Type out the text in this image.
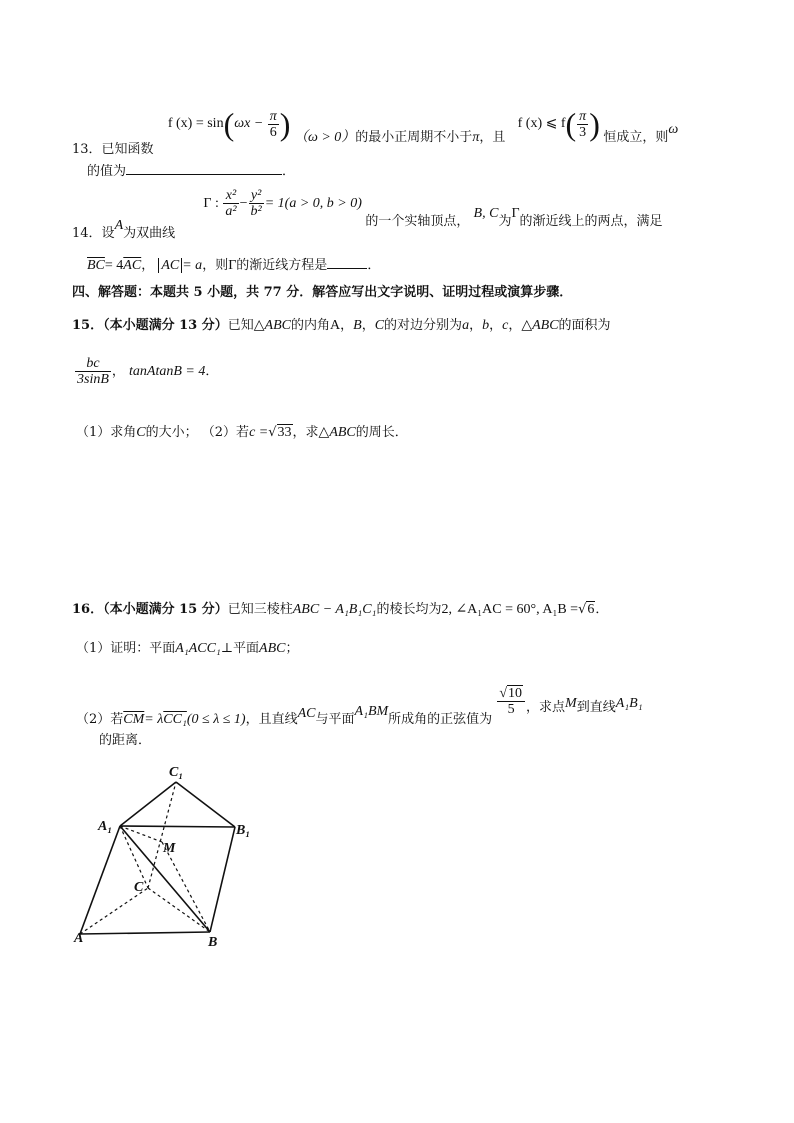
13．已知函数  f $(x) = \sin(\omega x - \frac{\pi}{6}$ ) （ω > 0）的最小正周期不小于π，且  f (x) ⩽ $f( \frac{\pi}{3}$ ) 恒成立，则ω
的值为	．
14．设A为双曲线  Γ : $\frac{\text{x²}}{\text{a²}} - \frac{\text{y²}}{\text{b²}} = 1(a > 0$, b > 0) 的一个实轴顶点， B, C为Γ的渐近线上的两点，满足
$\overline{BC}= 4\overline{AC}$， AC = a，则Γ的渐近线方程是	．
四、解答题：本题共 5 小题，共 77 分．解答应写出文字说明、证明过程或演算步骤．
15．（本小题满分 13 分）已知△ABC的内角A，B，C的对边分别为a，b，c，△ABC的面积为
$\frac{bc}{3\sin B}$ ， tanAtanB = 4．
（1）求角C的大小； （2）若c =√33，求△ABC的周长．
16．（本小题满分 15 分）已知三棱柱ABC − A₁B₁C₁的棱长均为2, ∠A₁AC = 60°, A₁B =√6．
（1）证明：平面A₁ACC₁⊥平面ABC；
（2）若$\overline{CM}= \lambda CC_1(0 \le \lambda \le 1)$，且直线AC与平面A₁BM所成角的正弦值为
$\frac{√10}{5}$ ，求点M到直线A₁B₁
的距离．
C₁
A₁	B₁
M
C
A	B
